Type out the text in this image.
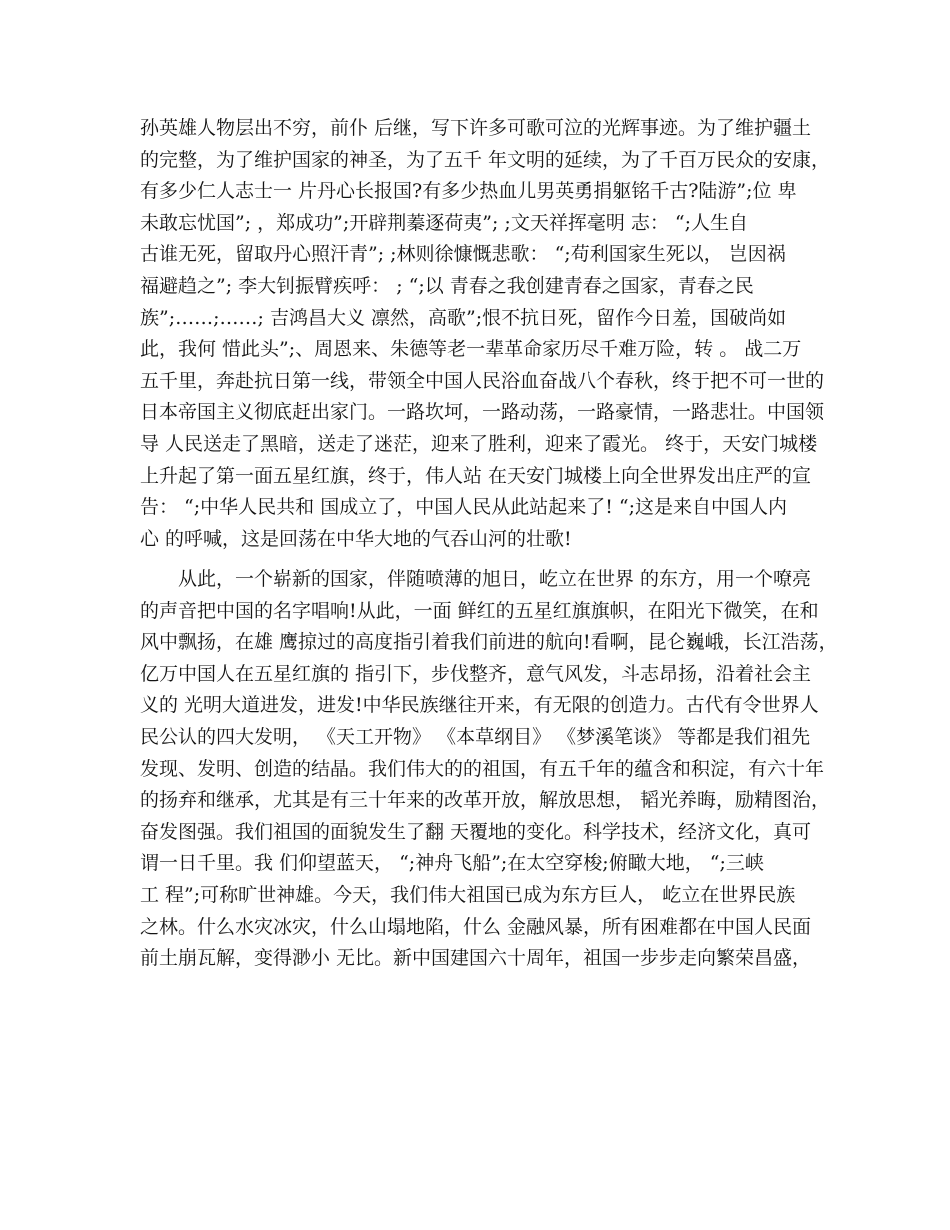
孙英雄人物层出不穷，前仆 后继，写下许多可歌可泣的光辉事迹。为了维护疆土
的完整，为了维护国家的神圣，为了五千 年文明的延续，为了千百万民众的安康，
有多少仁人志士一 片丹心长报国?有多少热血儿男英勇捐躯铭千古?陆游”;位 卑
未敢忘忧国”; ，郑成功”;开辟荆蓁逐荷夷”; ;文天祥挥毫明 志： “;人生自
古谁无死，留取丹心照汗青”; ;林则徐慷慨悲歌： “;苟利国家生死以， 岂因祸
福避趋之”; 李大钊振臂疾呼： ; “;以 青春之我创建青春之国家，青春之民
族”;……;……; 吉鸿昌大义 凛然，高歌”;恨不抗日死，留作今日羞，国破尚如
此，我何 惜此头”;、周恩来、朱德等老一辈革命家历尽千难万险，转 。 战二万
五千里，奔赴抗日第一线，带领全中国人民浴血奋战八个春秋，终于把不可一世的
日本帝国主义彻底赶出家门。一路坎坷，一路动荡，一路豪情，一路悲壮。中国领
导 人民送走了黑暗，送走了迷茫，迎来了胜利，迎来了霞光。 终于，天安门城楼
上升起了第一面五星红旗，终于，伟人站 在天安门城楼上向全世界发出庄严的宣
告： “;中华人民共和 国成立了，中国人民从此站起来了! “;这是来自中国人内
心 的呼喊，这是回荡在中华大地的气吞山河的壮歌!
　　从此，一个崭新的国家，伴随喷薄的旭日，屹立在世界 的东方，用一个嘹亮
的声音把中国的名字唱响!从此，一面 鲜红的五星红旗旗帜，在阳光下微笑，在和
风中飘扬，在雄 鹰掠过的高度指引着我们前进的航向!看啊，昆仑巍峨，长江浩荡，
亿万中国人在五星红旗的 指引下，步伐整齐，意气风发，斗志昂扬，沿着社会主
义的 光明大道进发，进发!中华民族继往开来，有无限的创造力。古代有令世界人
民公认的四大发明， 《天工开物》 《本草纲目》 《梦溪笔谈》 等都是我们祖先
发现、发明、创造的结晶。我们伟大的的祖国，有五千年的蕴含和积淀，有六十年
的扬弃和继承，尤其是有三十年来的改革开放，解放思想， 韬光养晦，励精图治，
奋发图强。我们祖国的面貌发生了翻 天覆地的变化。科学技术，经济文化，真可
谓一日千里。我 们仰望蓝天， “;神舟飞船”;在太空穿梭;俯瞰大地， “;三峡
工 程”;可称旷世神雄。今天，我们伟大祖国已成为东方巨人， 屹立在世界民族
之林。什么水灾冰灾，什么山塌地陷，什么 金融风暴，所有困难都在中国人民面
前土崩瓦解，变得渺小 无比。新中国建国六十周年，祖国一步步走向繁荣昌盛，
